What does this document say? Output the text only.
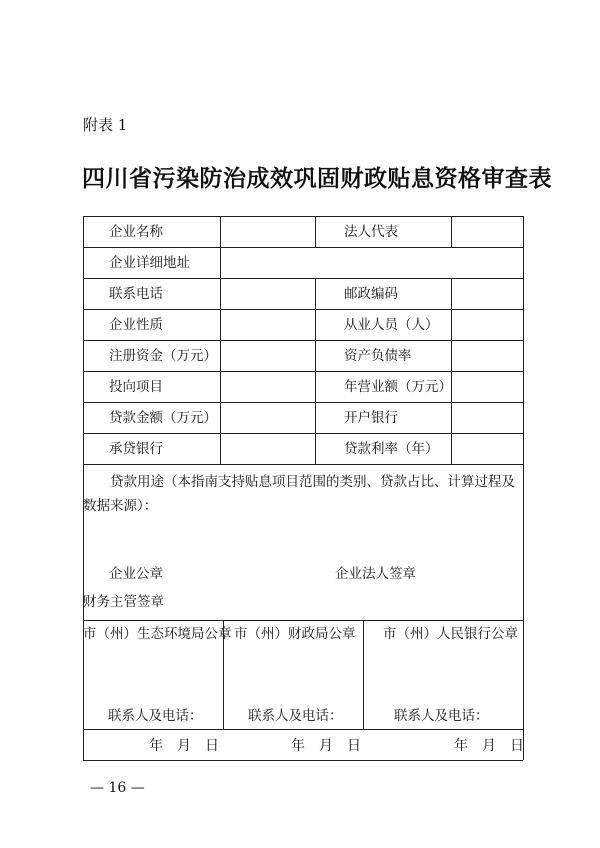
附表 1
四川省污染防治成效巩固财政贴息资格审查表
企业名称	法人代表
企业详细地址
联系电话	邮政编码
企业性质	从业人员（人）
注册资金（万元）	资产负债率
投向项目	年营业额（万元）
贷款金额（万元）	开户银行
承贷银行	贷款利率（年）
贷款用途（本指南支持贴息项目范围的类别、贷款占比、计算过程及数据来源）：
企业公章	企业法人签章
财务主管签章
市（州）生态环境局公章 市（州）财政局公章 市（州）人民银行公章
联系人及电话：	联系人及电话：	联系人及电话：
年　月　日	年　月　日	年　月　日
— 16 —
